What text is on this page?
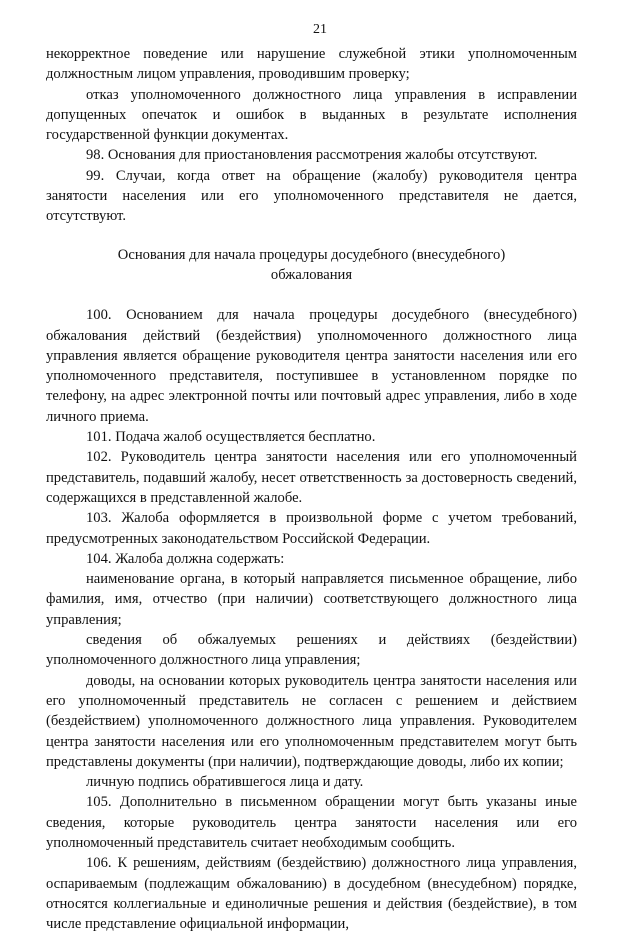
21

некорректное поведение или нарушение служебной этики уполномоченным должностным лицом управления, проводившим проверку;

отказ уполномоченного должностного лица управления в исправлении допущенных опечаток и ошибок в выданных в результате исполнения государственной функции документах.

98. Основания для приостановления рассмотрения жалобы отсутствуют.

99. Случаи, когда ответ на обращение (жалобу) руководителя центра занятости населения или его уполномоченного представителя не дается, отсутствуют.

Основания для начала процедуры досудебного (внесудебного)
обжалования

100. Основанием для начала процедуры досудебного (внесудебного) обжалования действий (бездействия) уполномоченного должностного лица управления является обращение руководителя центра занятости населения или его уполномоченного представителя, поступившее в установленном порядке по телефону, на адрес электронной почты или почтовый адрес управления, либо в ходе личного приема.

101. Подача жалоб осуществляется бесплатно.

102. Руководитель центра занятости населения или его уполномоченный представитель, подавший жалобу, несет ответственность за достоверность сведений, содержащихся в представленной жалобе.

103. Жалоба оформляется в произвольной форме с учетом требований, предусмотренных законодательством Российской Федерации.

104. Жалоба должна содержать:

наименование органа, в который направляется письменное обращение, либо фамилия, имя, отчество (при наличии) соответствующего должностного лица управления;

сведения об обжалуемых решениях и действиях (бездействии) уполномоченного должностного лица управления;

доводы, на основании которых руководитель центра занятости населения или его уполномоченный представитель не согласен с решением и действием (бездействием) уполномоченного должностного лица управления. Руководителем центра занятости населения или его уполномоченным представителем могут быть представлены документы (при наличии), подтверждающие доводы, либо их копии;

личную подпись обратившегося лица и дату.

105. Дополнительно в письменном обращении могут быть указаны иные сведения, которые руководитель центра занятости населения или его уполномоченный представитель считает необходимым сообщить.

106. К решениям, действиям (бездействию) должностного лица управления, оспариваемым (подлежащим обжалованию) в досудебном (внесудебном) порядке, относятся коллегиальные и единоличные решения и действия (бездействие), в том числе представление официальной информации,
